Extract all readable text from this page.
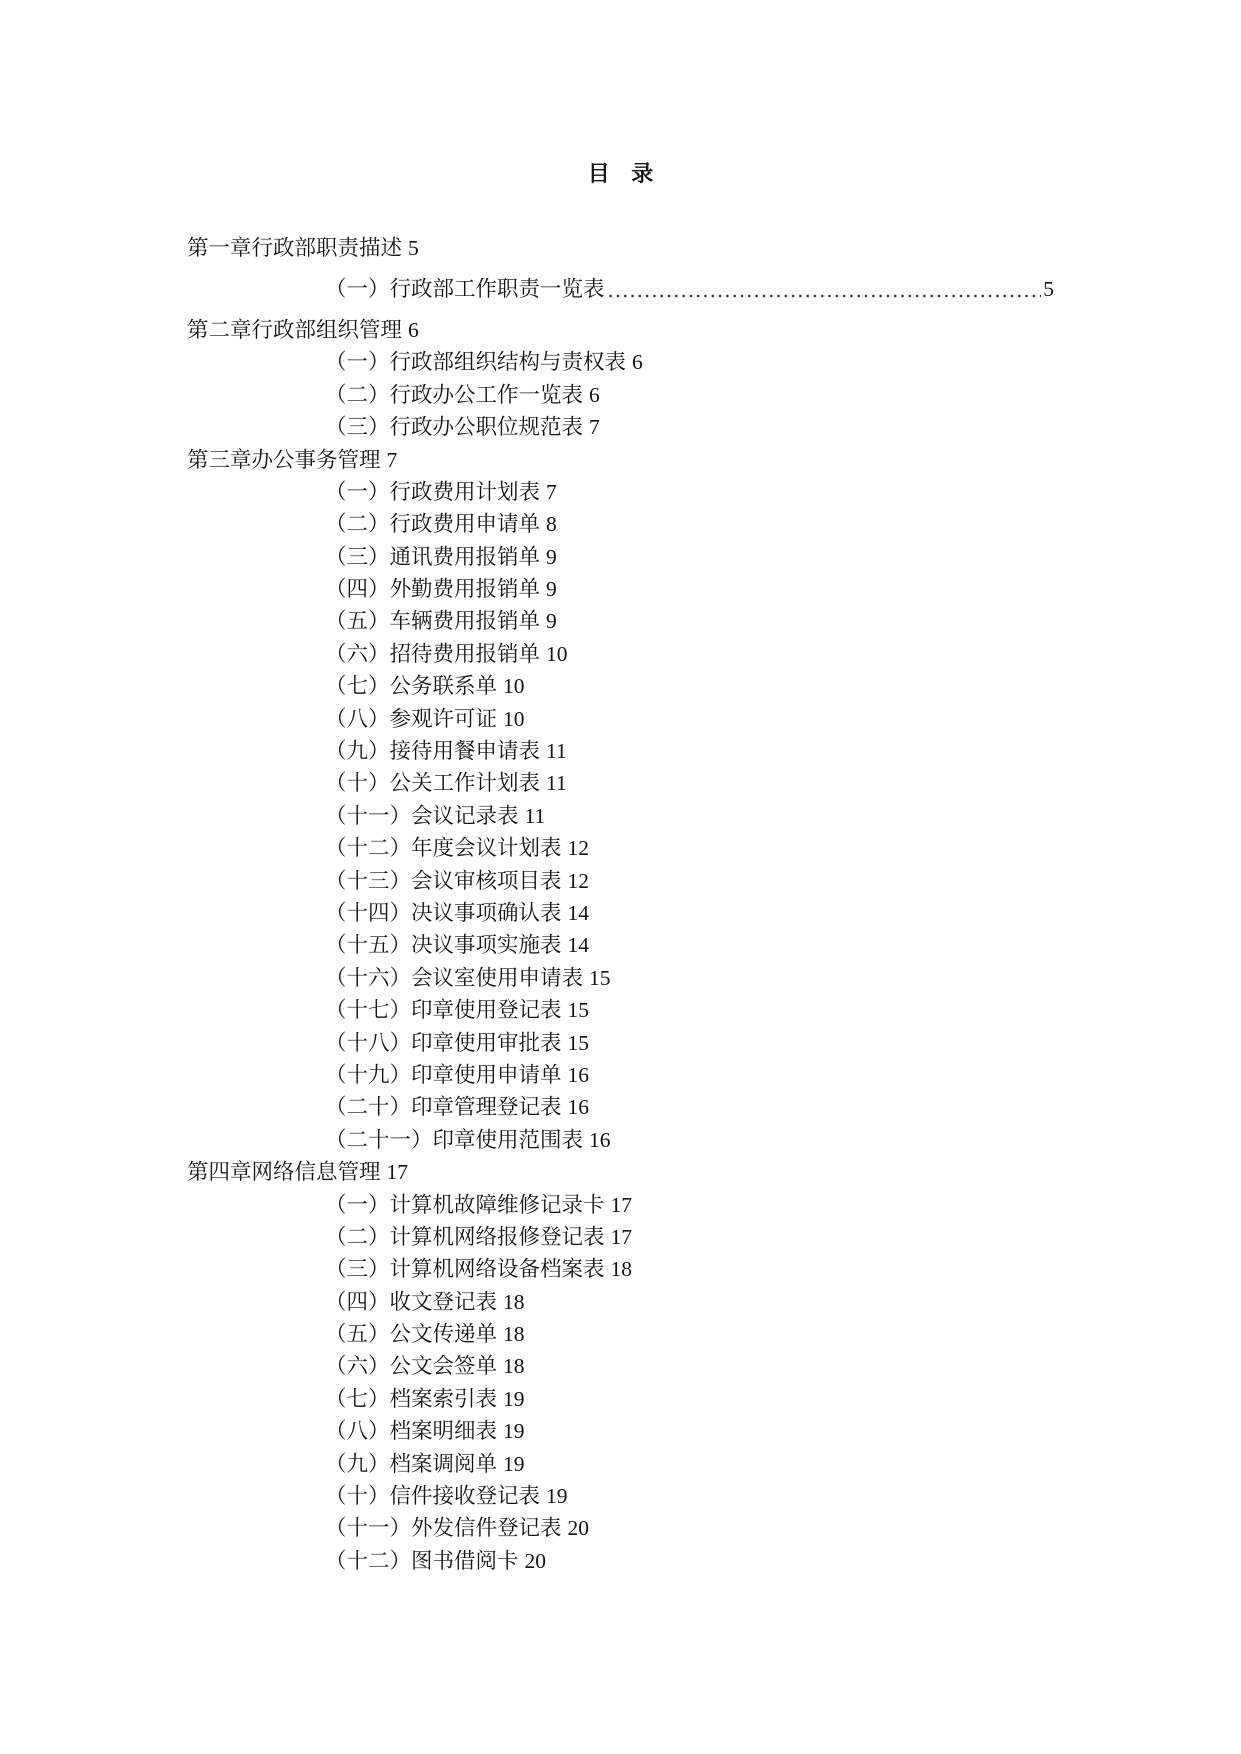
目 录
第一章行政部职责描述 5
（一）行政部工作职责一览表	5
第二章行政部组织管理 6
（一）行政部组织结构与责权表 6
（二）行政办公工作一览表 6
（三）行政办公职位规范表 7
第三章办公事务管理 7
（一）行政费用计划表 7
（二）行政费用申请单 8
（三）通讯费用报销单 9
（四）外勤费用报销单 9
（五）车辆费用报销单 9
（六）招待费用报销单 10
（七）公务联系单 10
（八）参观许可证 10
（九）接待用餐申请表 11
（十）公关工作计划表 11
（十一）会议记录表 11
（十二）年度会议计划表 12
（十三）会议审核项目表 12
（十四）决议事项确认表 14
（十五）决议事项实施表 14
（十六）会议室使用申请表 15
（十七）印章使用登记表 15
（十八）印章使用审批表 15
（十九）印章使用申请单 16
（二十）印章管理登记表 16
（二十一）印章使用范围表 16
第四章网络信息管理 17
（一）计算机故障维修记录卡 17
（二）计算机网络报修登记表 17
（三）计算机网络设备档案表 18
（四）收文登记表 18
（五）公文传递单 18
（六）公文会签单 18
（七）档案索引表 19
（八）档案明细表 19
（九）档案调阅单 19
（十）信件接收登记表 19
（十一）外发信件登记表 20
（十二）图书借阅卡 20
